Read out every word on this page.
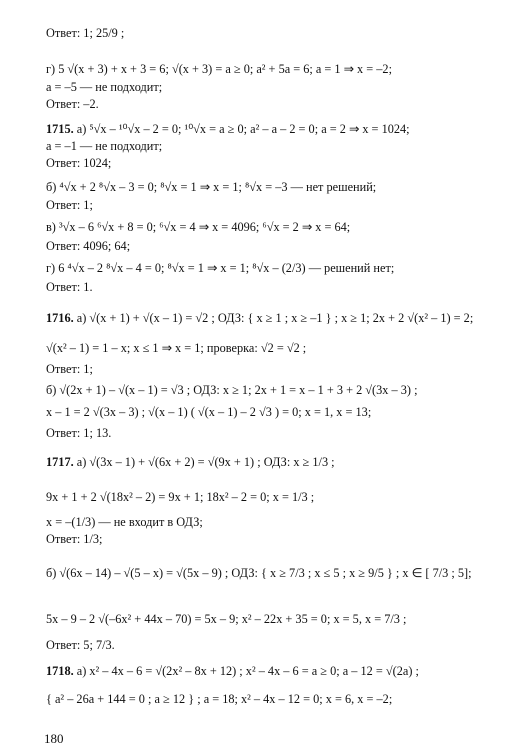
Ответ: 1; 25/9 ;
г) 5 √(x + 3) + x + 3 = 6; √(x + 3) = a ≥ 0; a² + 5a = 6; a = 1 ⇒ x = –2;
a = –5 — не подходит;
Ответ: –2.
1715. a) ⁵√x – ¹⁰√x – 2 = 0; ¹⁰√x = a ≥ 0; a² – a – 2 = 0; a = 2 ⇒ x = 1024;
a = –1 — не подходит;
Ответ: 1024;
б) ⁴√x + 2 ⁸√x – 3 = 0; ⁸√x = 1 ⇒ x = 1; ⁸√x = –3 — нет решений;
Ответ: 1;
в) ³√x – 6 ⁶√x + 8 = 0; ⁶√x = 4 ⇒ x = 4096; ⁶√x = 2 ⇒ x = 64;
Ответ: 4096; 64;
г) 6 ⁴√x – 2 ⁸√x – 4 = 0; ⁸√x = 1 ⇒ x = 1; ⁸√x – (2/3) — решений нет;
Ответ: 1.
1716. a) √(x + 1) + √(x – 1) = √2 ; ОДЗ: { x ≥ 1 ; x ≥ –1 } ; x ≥ 1; 2x + 2 √(x² – 1) = 2;
√(x² – 1) = 1 – x; x ≤ 1 ⇒ x = 1; проверка: √2 = √2 ;
Ответ: 1;
б) √(2x + 1) – √(x – 1) = √3 ; ОДЗ: x ≥ 1; 2x + 1 = x – 1 + 3 + 2 √(3x – 3) ;
x – 1 = 2 √(3x – 3) ; √(x – 1) ( √(x – 1) – 2 √3 ) = 0; x = 1, x = 13;
Ответ: 1; 13.
1717. a) √(3x – 1) + √(6x + 2) = √(9x + 1) ; ОДЗ: x ≥ 1/3 ;
9x + 1 + 2 √(18x² – 2) = 9x + 1; 18x² – 2 = 0; x = 1/3 ;
x = –(1/3) — не входит в ОДЗ;
Ответ: 1/3;
б) √(6x – 14) – √(5 – x) = √(5x – 9) ; ОДЗ: { x ≥ 7/3 ; x ≤ 5 ; x ≥ 9/5 } ; x ∈ [ 7/3 ; 5];
5x – 9 – 2 √(–6x² + 44x – 70) = 5x – 9; x² – 22x + 35 = 0; x = 5, x = 7/3 ;
Ответ: 5; 7/3.
1718. a) x² – 4x – 6 = √(2x² – 8x + 12) ; x² – 4x – 6 = a ≥ 0; a – 12 = √(2a) ;
{ a² – 26a + 144 = 0 ; a ≥ 12 } ; a = 18; x² – 4x – 12 = 0; x = 6, x = –2;
180
